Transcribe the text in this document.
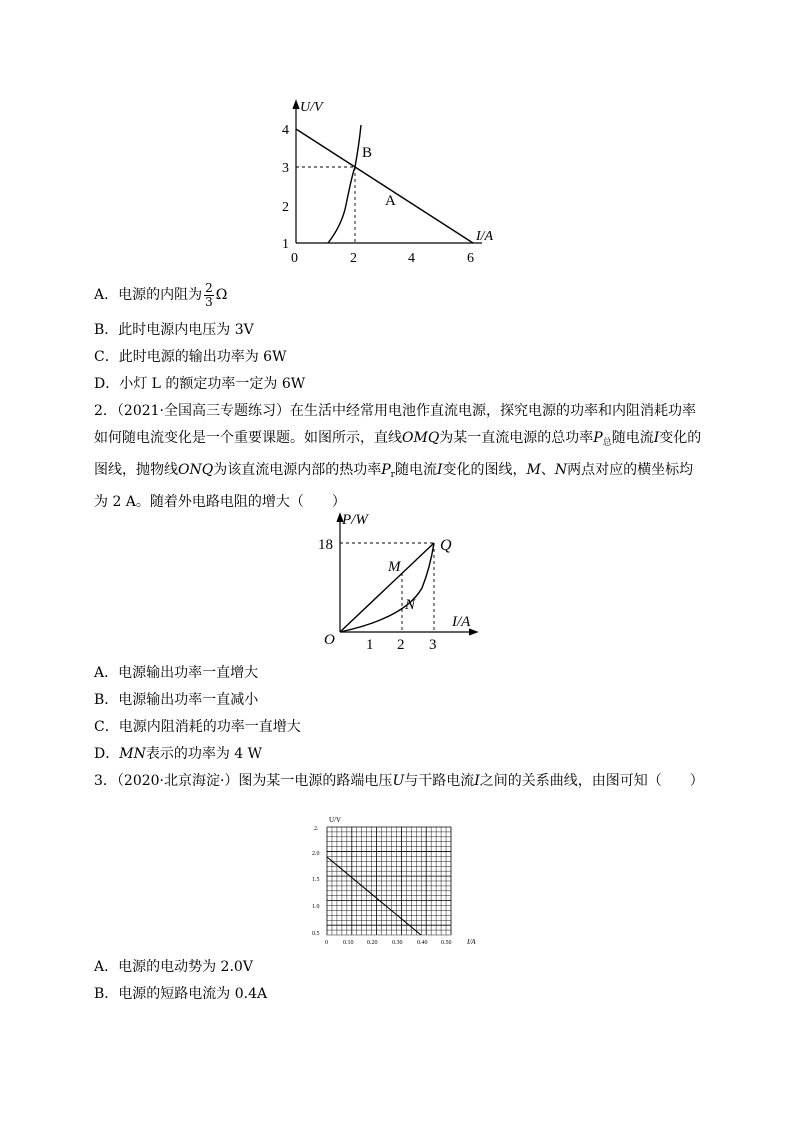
U/V
4
3
2
1
0	2	4	6
I/A
B
A
A．电源的内阻为 $\frac{2}{3}$ Ω
B．此时电源内电压为 3V
C．此时电源的输出功率为 6W
D．小灯 L 的额定功率一定为 6W
2．（2021·全国高三专题练习）在生活中经常用电池作直流电源，探究电源的功率和内阻消耗功率如何随电流变化是一个重要课题。如图所示，直线OMQ为某一直流电源的总功率$P_总$随电流I变化的图线，抛物线ONQ为该直流电源内部的热功率$P_r$随电流I变化的图线，M、N两点对应的横坐标均为 2 A。随着外电路电阻的增大（　　）
P/W
18
O 1 2 3
I/A
M
N
Q
A．电源输出功率一直增大
B．电源输出功率一直减小
C．电源内阻消耗的功率一直增大
D．MN表示的功率为 4 W
3．（2020·北京海淀·）图为某一电源的路端电压U与干路电流I之间的关系曲线，由图可知（　　）
U/V
2.
2.0
1.5
1.0
0.5
0	0.10 0.20 0.30 0.40 0.50 I/A
A．电源的电动势为 2.0V
B．电源的短路电流为 0.4A
